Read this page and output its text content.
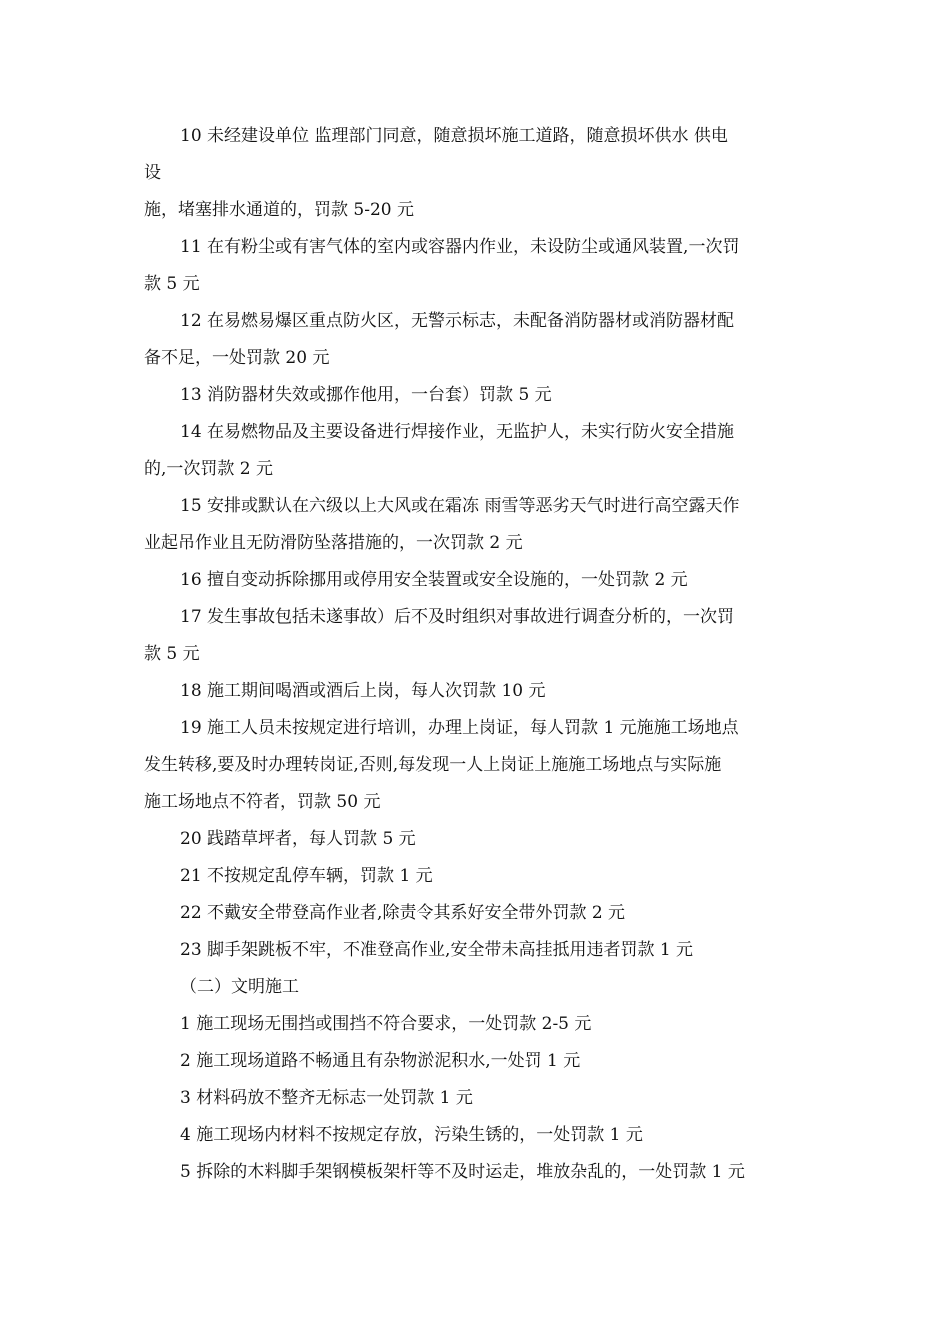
10 未经建设单位 监理部门同意，随意损坏施工道路，随意损坏供水 供电
设
施，堵塞排水通道的，罚款 5-20 元

11 在有粉尘或有害气体的室内或容器内作业，未设防尘或通风装置,一次罚
款 5 元

12 在易燃易爆区重点防火区，无警示标志，未配备消防器材或消防器材配
备不足，一处罚款 20 元

13 消防器材失效或挪作他用，一台套）罚款 5 元

14 在易燃物品及主要设备进行焊接作业，无监护人，未实行防火安全措施
的,一次罚款 2 元

15 安排或默认在六级以上大风或在霜冻 雨雪等恶劣天气时进行高空露天作
业起吊作业且无防滑防坠落措施的，一次罚款 2 元

16 擅自变动拆除挪用或停用安全装置或安全设施的，一处罚款 2 元

17 发生事故包括未遂事故）后不及时组织对事故进行调查分析的，一次罚
款 5 元

18 施工期间喝酒或酒后上岗，每人次罚款 10 元

19 施工人员未按规定进行培训，办理上岗证，每人罚款 1 元施施工场地点
发生转移,要及时办理转岗证,否则,每发现一人上岗证上施施工场地点与实际施
施工场地点不符者，罚款 50 元

20 践踏草坪者，每人罚款 5 元

21 不按规定乱停车辆，罚款 1 元

22 不戴安全带登高作业者,除责令其系好安全带外罚款 2 元

23 脚手架跳板不牢，不准登高作业,安全带未高挂抵用违者罚款 1 元

（二）文明施工

1 施工现场无围挡或围挡不符合要求，一处罚款 2-5 元

2 施工现场道路不畅通且有杂物淤泥积水,一处罚 1 元

3 材料码放不整齐无标志一处罚款 1 元

4 施工现场内材料不按规定存放，污染生锈的，一处罚款 1 元

5 拆除的木料脚手架钢模板架杆等不及时运走，堆放杂乱的，一处罚款 1 元
